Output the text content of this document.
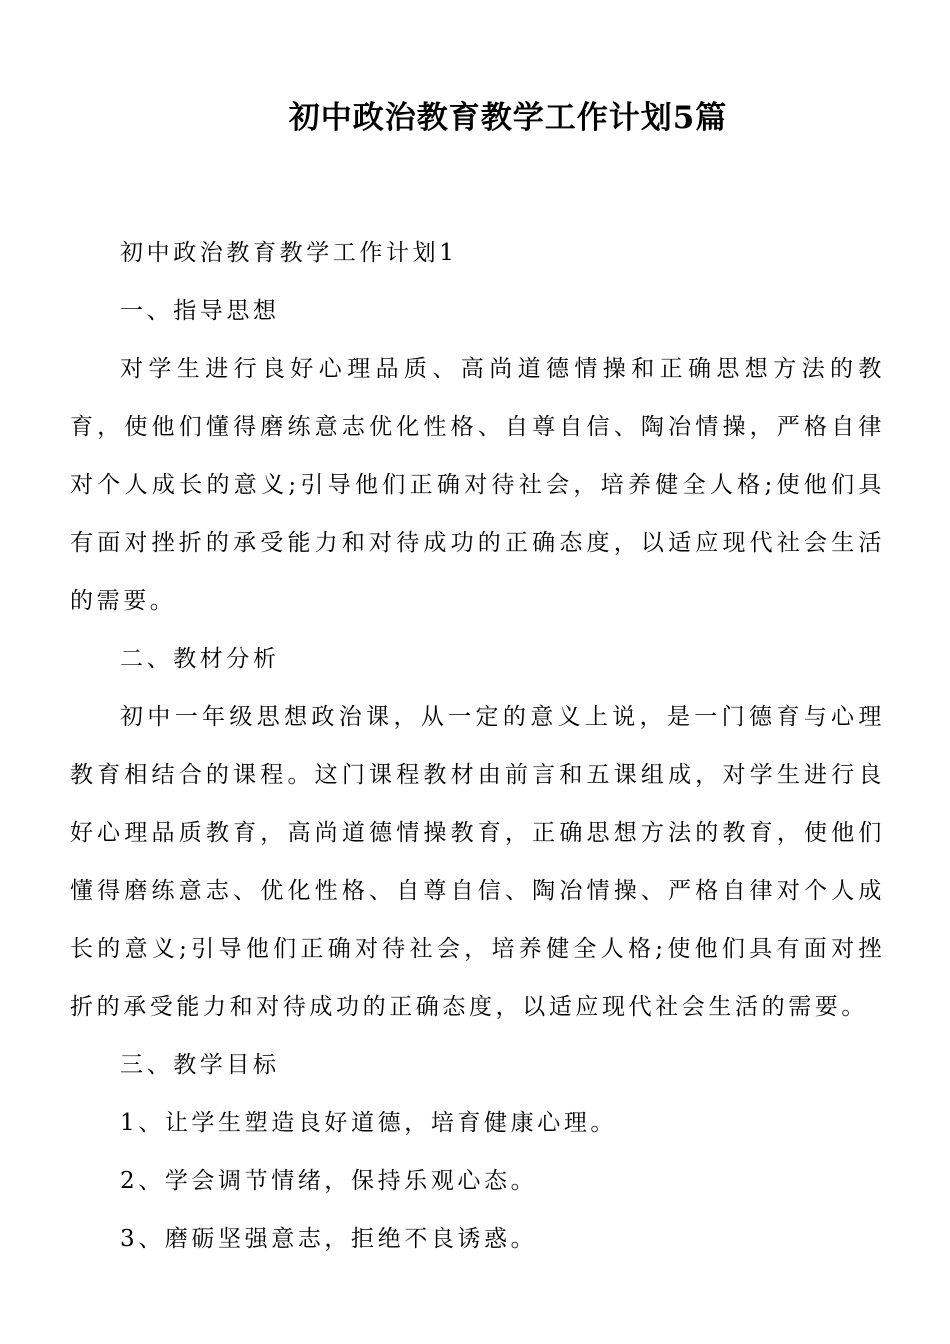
初中政治教育教学工作计划5篇

初中政治教育教学工作计划1

一、指导思想

对学生进行良好心理品质、高尚道德情操和正确思想方法的教育，使他们懂得磨练意志优化性格、自尊自信、陶冶情操，严格自律对个人成长的意义;引导他们正确对待社会，培养健全人格;使他们具有面对挫折的承受能力和对待成功的正确态度，以适应现代社会生活的需要。

二、教材分析

初中一年级思想政治课，从一定的意义上说，是一门德育与心理教育相结合的课程。这门课程教材由前言和五课组成，对学生进行良好心理品质教育，高尚道德情操教育，正确思想方法的教育，使他们懂得磨练意志、优化性格、自尊自信、陶冶情操、严格自律对个人成长的意义;引导他们正确对待社会，培养健全人格;使他们具有面对挫折的承受能力和对待成功的正确态度，以适应现代社会生活的需要。

三、教学目标

1、让学生塑造良好道德，培育健康心理。

2、学会调节情绪，保持乐观心态。

3、磨砺坚强意志，拒绝不良诱惑。
